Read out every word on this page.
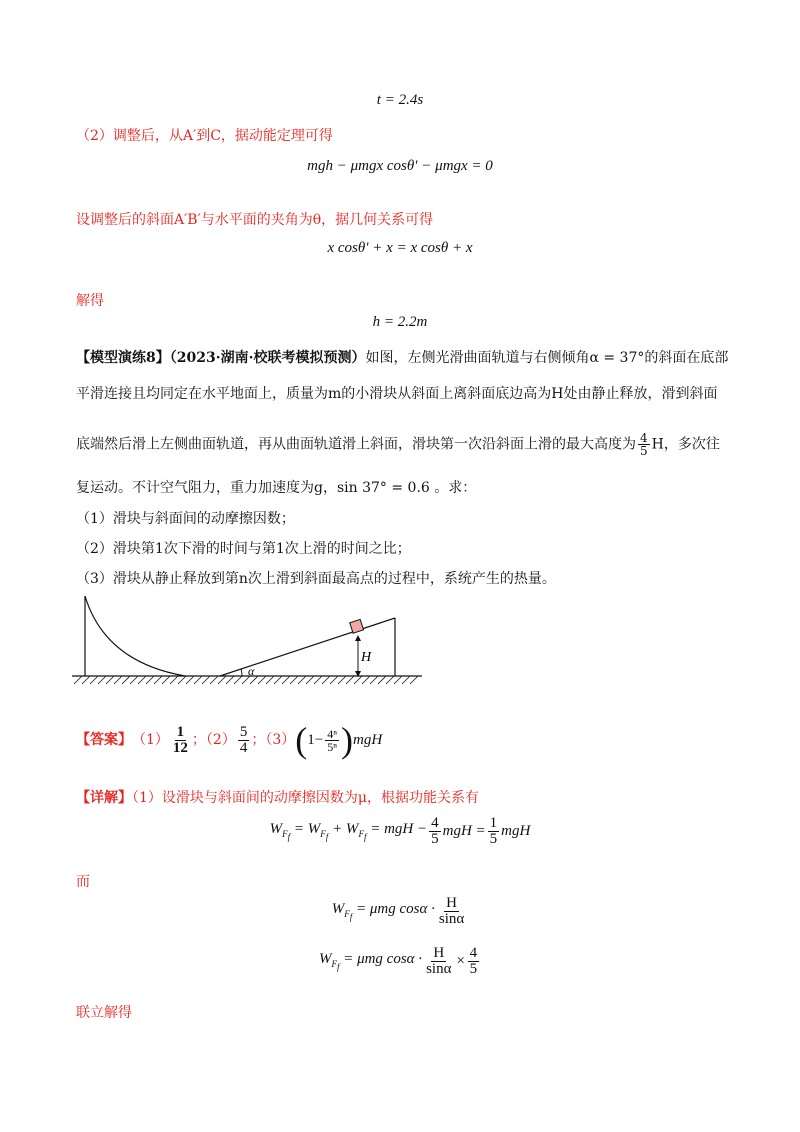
t = 2.4s
（2）调整后，从A′到C，据动能定理可得
mgh − μmgx cosθ′ − μmgx = 0
设调整后的斜面A′B′与水平面的夹角为θ，据几何关系可得
x cosθ′ + x = x cosθ + x
解得
h = 2.2m
【模型演练8】（2023·湖南·校联考模拟预测）如图，左侧光滑曲面轨道与右侧倾角α = 37°的斜面在底部
平滑连接且均同定在水平地面上，质量为m的小滑块从斜面上离斜面底边高为H处由静止释放，滑到斜面
底端然后滑上左侧曲面轨道，再从曲面轨道滑上斜面，滑块第一次沿斜面上滑的最大高度为 $\frac{4}{5}$ H，多次往
复运动。不计空气阻力，重力加速度为g，sin 37° = 0.6 。求：
（1）滑块与斜面间的动摩擦因数；
（2）滑块第1次下滑的时间与第1次上滑的时间之比；
（3）滑块从静止释放到第n次上滑到斜面最高点的过程中，系统产生的热量。
α
H
【答案】 $(1) \frac{1}{12}$ ；$(2) \frac{5}{4}$ ；（3） ( $1- \frac{\text{4ⁿ}}{\text{5ⁿ}}$ ) mgH
【详解】（1）设滑块与斜面间的动摩擦因数为μ，根据功能关系有
$W_{F_f} = W_{F_f} + W_{F_f}$ = mgH − $\frac{4}{5}$ mgH = $\frac{1}{5}$ mgH
而
$W_{F_f} = \mu mg$ $\cos\alpha \cdot \frac{H}{\sin\alpha}$
$W_{F_f} = \mu mg$ $\cos\alpha \cdot \frac{H}{\sin\alpha} \times \frac{4}{5}$
联立解得
